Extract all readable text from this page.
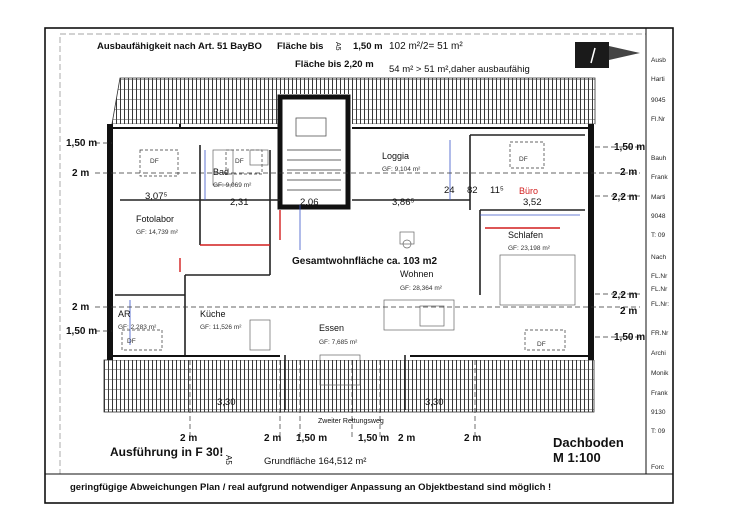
Ausbaufähigkeit nach Art. 51 BayBO Fläche bis	1,50 m 102 m²/2= 51 m²
A5
Fläche bis 2,20 m 54 m² > 51 m²,daher ausbaufähig
Loggia
GF: 9,104 m²
Bad
GF: 9,069 m²
Fotolabor
GF: 14,739 m²
Büro
Schlafen
GF: 23,198 m²
Wohnen
GF: 28,364 m²
Küche
GF: 11,526 m²
AR
GF: 2,283 m²	Essen
GF: 7,685 m²
DF	DF	DF
DF	DF
Gesamtwohnfläche ca. 103 m2
3,07⁵
2,31	2,06	3,86⁵
24 82 11⁵
3,52
3,30	3,30
1,50 m
2 m
2 m
1,50 m
1,50 m
2 m
2,2 m
2,2 m
2 m
1,50 m
2 m	2 m 1,50 m	1,50 m 2 m	2 m
Zweiter Rettungsweg
Ausführung in F 30!
A5	Grundfläche 164,512 m²
Dachboden
M 1:100
geringfügige Abweichungen Plan / real aufgrund notwendiger Anpassung an Objektbestand sind möglich !
Ausb
Harti
9045
Fl.Nr
Bauh
Frank
Marti
9048
T: 09
Nach
FL.Nr
FL.Nr
FL.Nr:
FR.Nr
Archi
Monik
Frank
9130
T: 09
Forc
